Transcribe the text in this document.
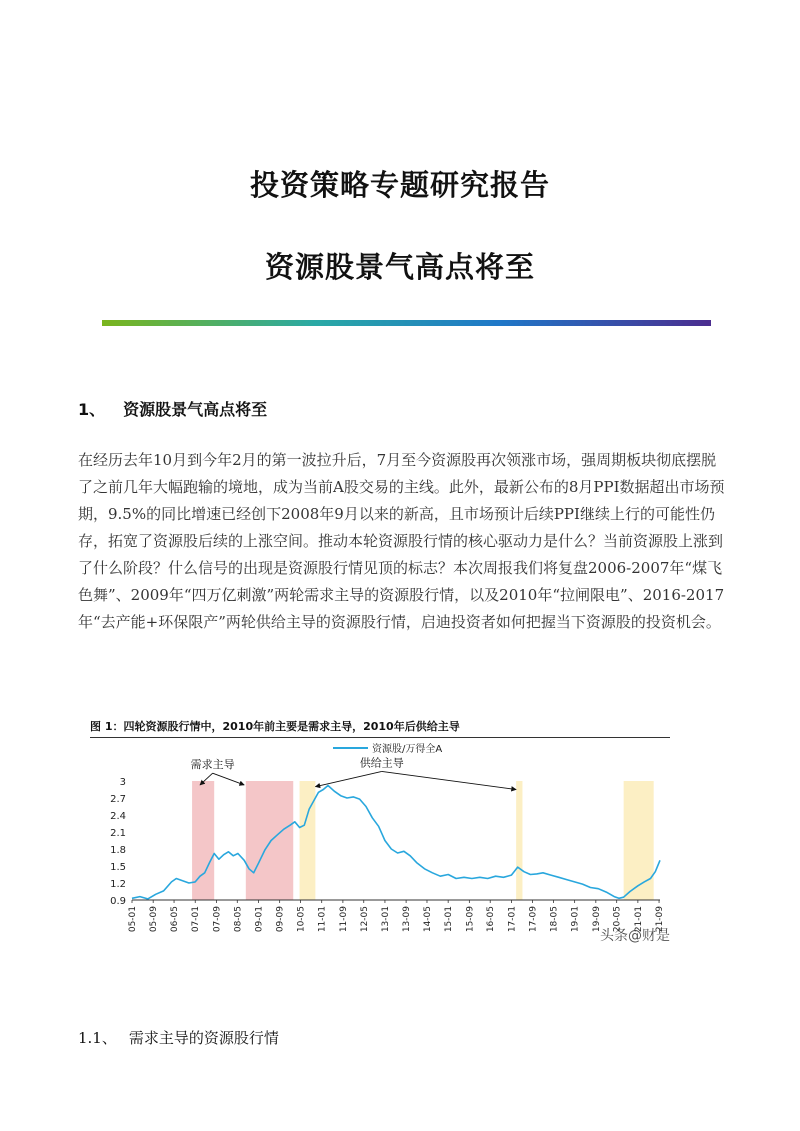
投资策略专题研究报告
资源股景气高点将至
1、 资源股景气高点将至

在经历去年10月到今年2月的第一波拉升后，7月至今资源股再次领涨市场，强周期板块彻底摆脱了之前几年大幅跑输的境地，成为当前A股交易的主线。此外，最新公布的8月PPI数据超出市场预期，9.5%的同比增速已经创下2008年9月以来的新高，且市场预计后续PPI继续上行的可能性仍存，拓宽了资源股后续的上涨空间。推动本轮资源股行情的核心驱动力是什么？当前资源股上涨到了什么阶段？什么信号的出现是资源股行情见顶的标志？本次周报我们将复盘2006-2007年“煤飞色舞”、2009年“四万亿刺激”两轮需求主导的资源股行情，以及2010年“拉闸限电”、2016-2017年“去产能+环保限产”两轮供给主导的资源股行情，启迪投资者如何把握当下资源股的投资机会。

图 1：四轮资源股行情中，2010年前主要是需求主导，2010年后供给主导
0.9
1.2
1.5
1.8
2.1
2.4
2.7
3
05-01 05-09 06-05 07-01 07-09 08-05 09-01 09-09 10-05 11-01 11-09 12-05 13-01 13-09 14-05 15-01 15-09 16-05 17-01 17-09 18-05 19-01 19-09 20-05 21-01 21-09
需求主导	供给主导
资源股/万得全A
头条@财是
1.1、 需求主导的资源股行情
